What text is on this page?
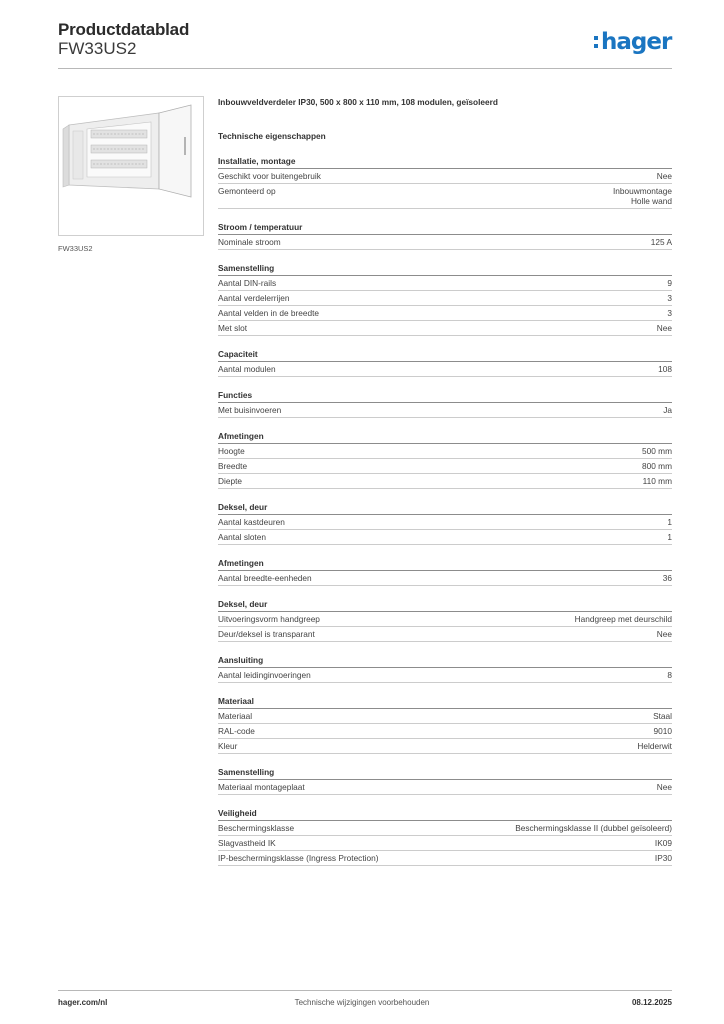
Productdatablad
FW33US2	hager
FW33US2
Inbouwveldverdeler IP30, 500 x 800 x 110 mm, 108 modulen, geïsoleerd
Technische eigenschappen
Installatie, montage
Geschikt voor buitengebruik	Nee
Gemonteerd op	Inbouwmontage
Holle wand
Stroom / temperatuur
Nominale stroom	125 A
Samenstelling
Aantal DIN-rails	9
Aantal verdelerrijen	3
Aantal velden in de breedte	3
Met slot	Nee
Capaciteit
Aantal modulen	108
Functies
Met buisinvoeren	Ja
Afmetingen
Hoogte	500 mm
Breedte	800 mm
Diepte	110 mm
Deksel, deur
Aantal kastdeuren	1
Aantal sloten	1
Afmetingen
Aantal breedte-eenheden	36
Deksel, deur
Uitvoeringsvorm handgreep	Handgreep met deurschild
Deur/deksel is transparant	Nee
Aansluiting
Aantal leidinginvoeringen	8
Materiaal
Materiaal	Staal
RAL-code	9010
Kleur	Helderwit
Samenstelling
Materiaal montageplaat	Nee
Veiligheid
Beschermingsklasse	Beschermingsklasse II (dubbel geïsoleerd)
Slagvastheid IK	IK09
IP-beschermingsklasse (Ingress Protection)	IP30
hager.com/nl	Technische wijzigingen voorbehouden	08.12.2025
